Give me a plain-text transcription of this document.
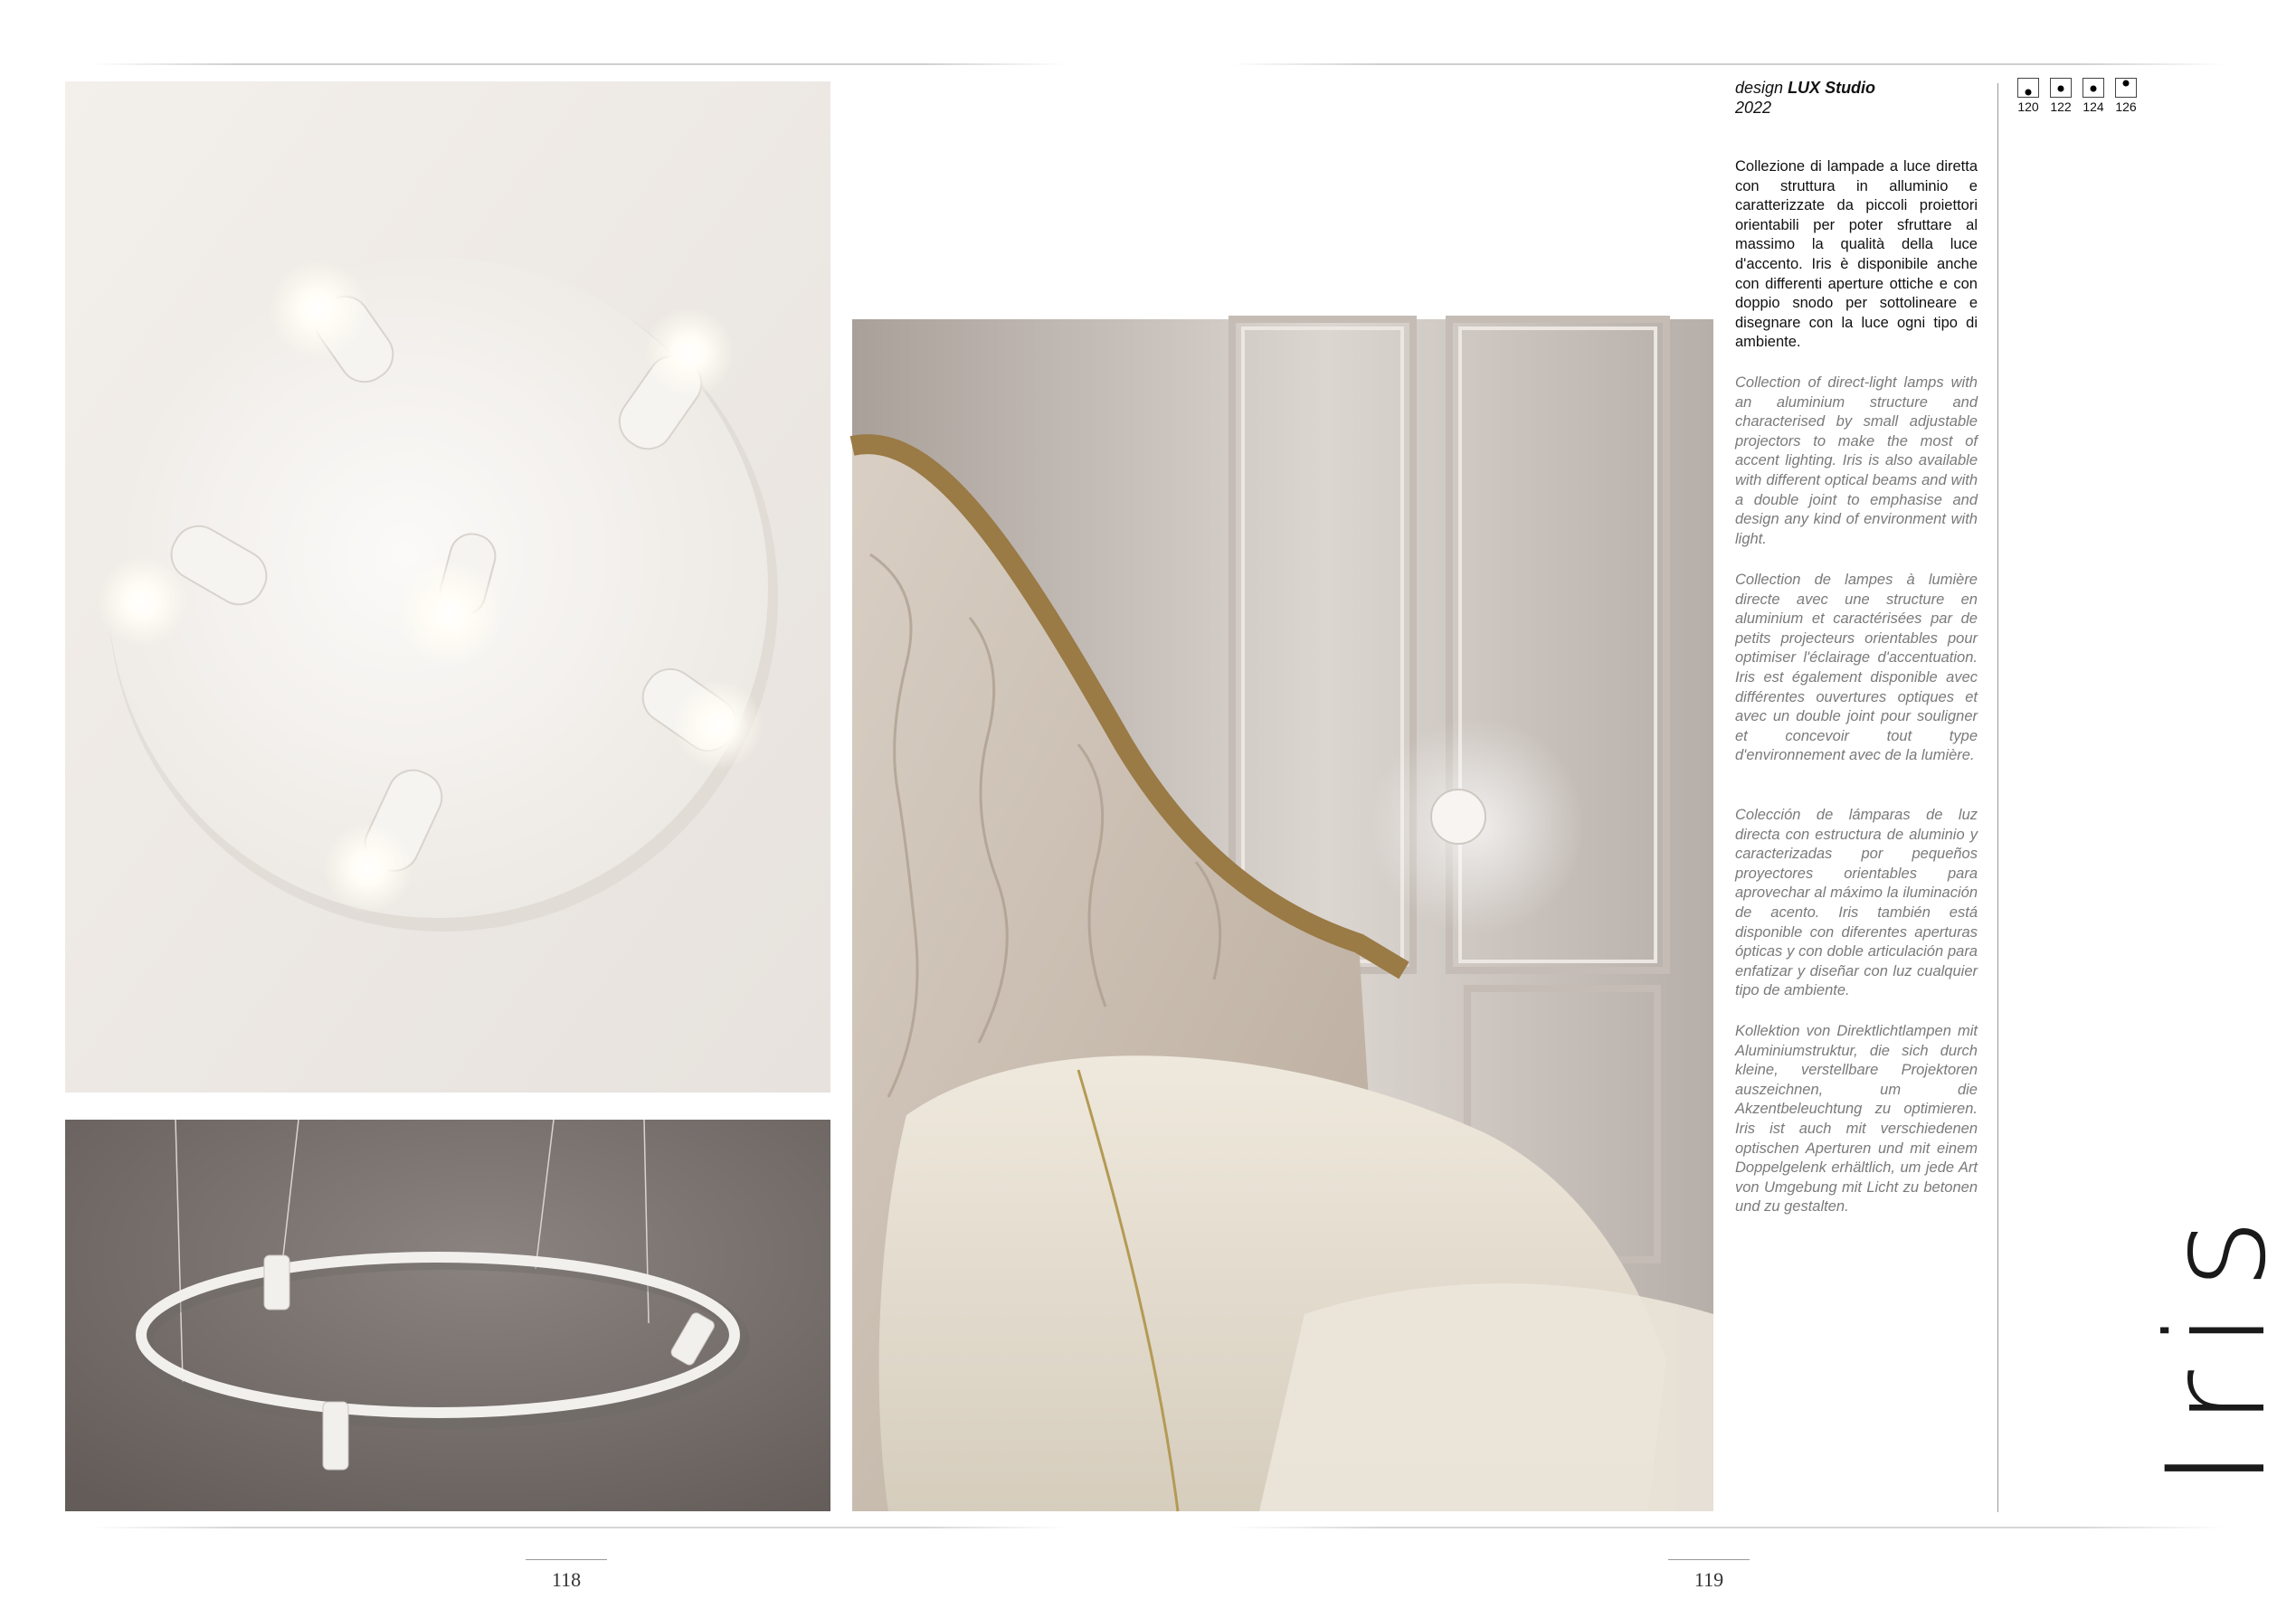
design LUX Studio
2022
Collezione di lampade a luce diretta con struttura in alluminio e caratterizzate da piccoli proiettori orientabili per poter sfruttare al massimo la qualità della luce d'accento. Iris è disponibile anche con differenti aperture ottiche e con doppio snodo per sottolineare e disegnare con la luce ogni tipo di ambiente.
Collection of direct-light lamps with an aluminium structure and characterised by small adjustable projectors to make the most of accent lighting. Iris is also available with different optical beams and with a double joint to emphasise and design any kind of environment with light.
Collection de lampes à lumière directe avec une structure en aluminium et caractérisées par de petits projecteurs orientables pour optimiser l'éclairage d'accentuation. Iris est également disponible avec différentes ouvertures optiques et avec un double joint pour souligner et concevoir tout type d'environnement avec de la lumière.
Colección de lámparas de luz directa con estructura de aluminio y caracterizadas por pequeños proyectores orientables para aprovechar al máximo la iluminación de acento. Iris también está disponible con diferentes aperturas ópticas y con doble articulación para enfatizar y diseñar con luz cualquier tipo de ambiente.
Kollektion von Direktlichtlampen mit Aluminiumstruktur, die sich durch kleine, verstellbare Projektoren auszeichnen, um die Akzentbeleuchtung zu optimieren. Iris ist auch mit verschiedenen optischen Aperturen und mit einem Doppelgelenk erhältlich, um jede Art von Umgebung mit Licht zu betonen und zu gestalten.
120 122 124 126
Iris
118	119
